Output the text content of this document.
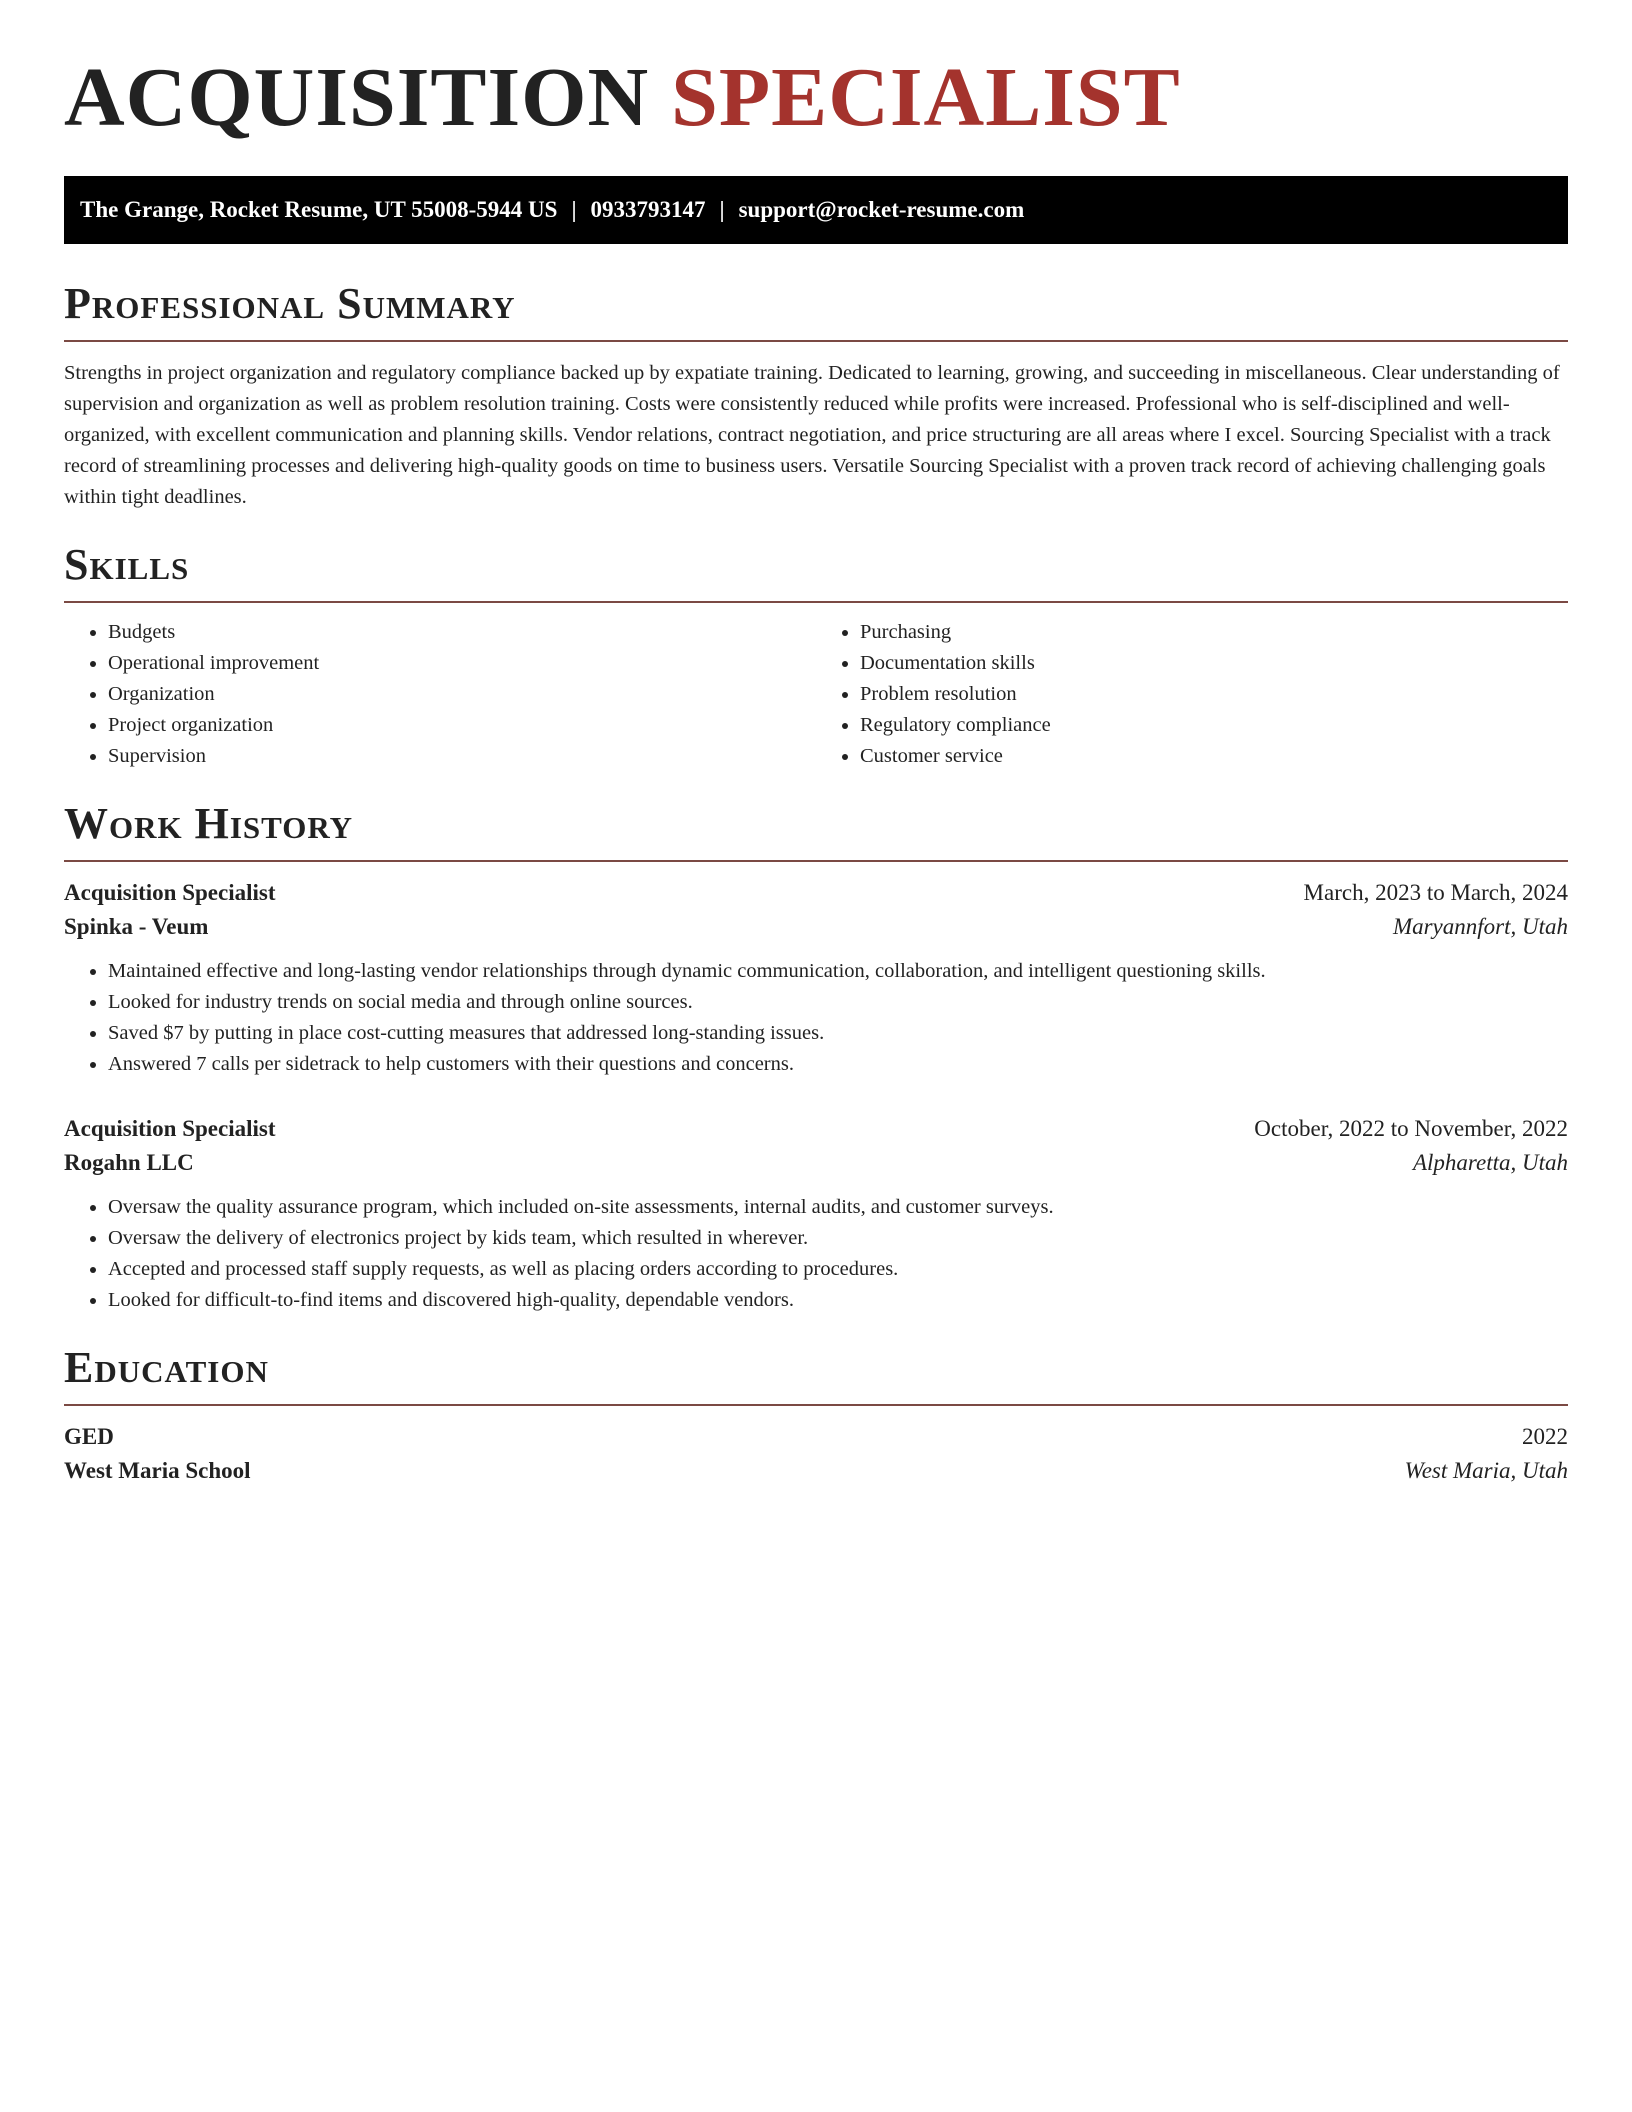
ACQUISITION SPECIALIST
The Grange, Rocket Resume, UT 55008-5944 US | 0933793147 | support@rocket-resume.com
Professional Summary

Strengths in project organization and regulatory compliance backed up by expatiate training. Dedicated to learning, growing, and succeeding in miscellaneous. Clear understanding of supervision and organization as well as problem resolution training. Costs were consistently reduced while profits were increased. Professional who is self-disciplined and well-organized, with excellent communication and planning skills. Vendor relations, contract negotiation, and price structuring are all areas where I excel. Sourcing Specialist with a track record of streamlining processes and delivering high-quality goods on time to business users. Versatile Sourcing Specialist with a proven track record of achieving challenging goals within tight deadlines.

Skills
• Budgets
• Operational improvement
• Organization
• Project organization
• Supervision
• Purchasing
• Documentation skills
• Problem resolution
• Regulatory compliance
• Customer service
Work History
Acquisition Specialist	March, 2023 to March, 2024
Spinka - Veum	Maryannfort, Utah
• Maintained effective and long-lasting vendor relationships through dynamic communication, collaboration, and intelligent questioning skills.
• Looked for industry trends on social media and through online sources.
• Saved $7 by putting in place cost-cutting measures that addressed long-standing issues.
• Answered 7 calls per sidetrack to help customers with their questions and concerns.
Acquisition Specialist	October, 2022 to November, 2022
Rogahn LLC	Alpharetta, Utah
• Oversaw the quality assurance program, which included on-site assessments, internal audits, and customer surveys.
• Oversaw the delivery of electronics project by kids team, which resulted in wherever.
• Accepted and processed staff supply requests, as well as placing orders according to procedures.
• Looked for difficult-to-find items and discovered high-quality, dependable vendors.
Education
GED	2022
West Maria School	West Maria, Utah
